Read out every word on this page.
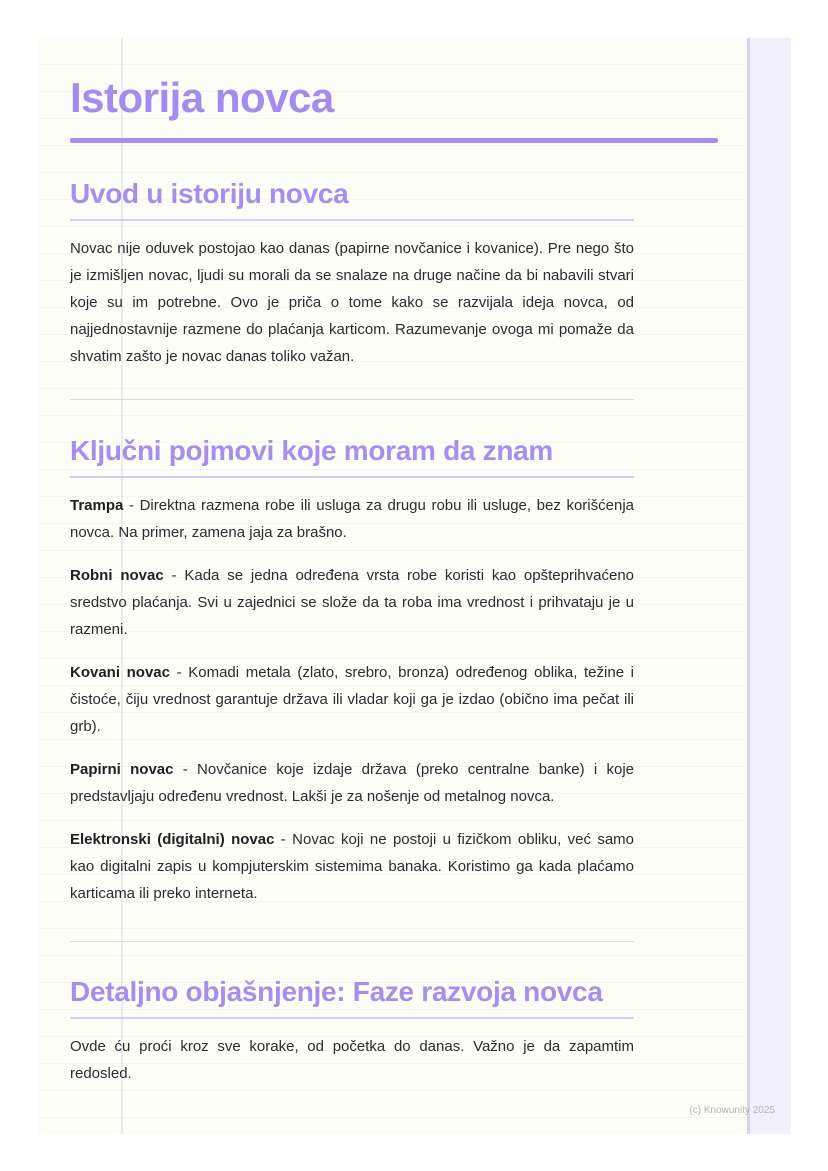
Istorija novca
Uvod u istoriju novca

Novac nije oduvek postojao kao danas (papirne novčanice i kovanice). Pre nego što je izmišljen novac, ljudi su morali da se snalaze na druge načine da bi nabavili stvari koje su im potrebne. Ovo je priča o tome kako se razvijala ideja novca, od najjednostavnije razmene do plaćanja karticom. Razumevanje ovoga mi pomaže da shvatim zašto je novac danas toliko važan.

Ključni pojmovi koje moram da znam

Trampa - Direktna razmena robe ili usluga za drugu robu ili usluge, bez korišćenja novca. Na primer, zamena jaja za brašno.

Robni novac - Kada se jedna određena vrsta robe koristi kao opšteprihvaćeno sredstvo plaćanja. Svi u zajednici se slože da ta roba ima vrednost i prihvataju je u razmeni.

Kovani novac - Komadi metala (zlato, srebro, bronza) određenog oblika, težine i čistoće, čiju vrednost garantuje država ili vladar koji ga je izdao (obično ima pečat ili grb).

Papirni novac - Novčanice koje izdaje država (preko centralne banke) i koje predstavljaju određenu vrednost. Lakši je za nošenje od metalnog novca.

Elektronski (digitalni) novac - Novac koji ne postoji u fizičkom obliku, već samo kao digitalni zapis u kompjuterskim sistemima banaka. Koristimo ga kada plaćamo karticama ili preko interneta.

Detaljno objašnjenje: Faze razvoja novca

Ovde ću proći kroz sve korake, od početka do danas. Važno je da zapamtim redosled.

(c) Knowunity 2025
